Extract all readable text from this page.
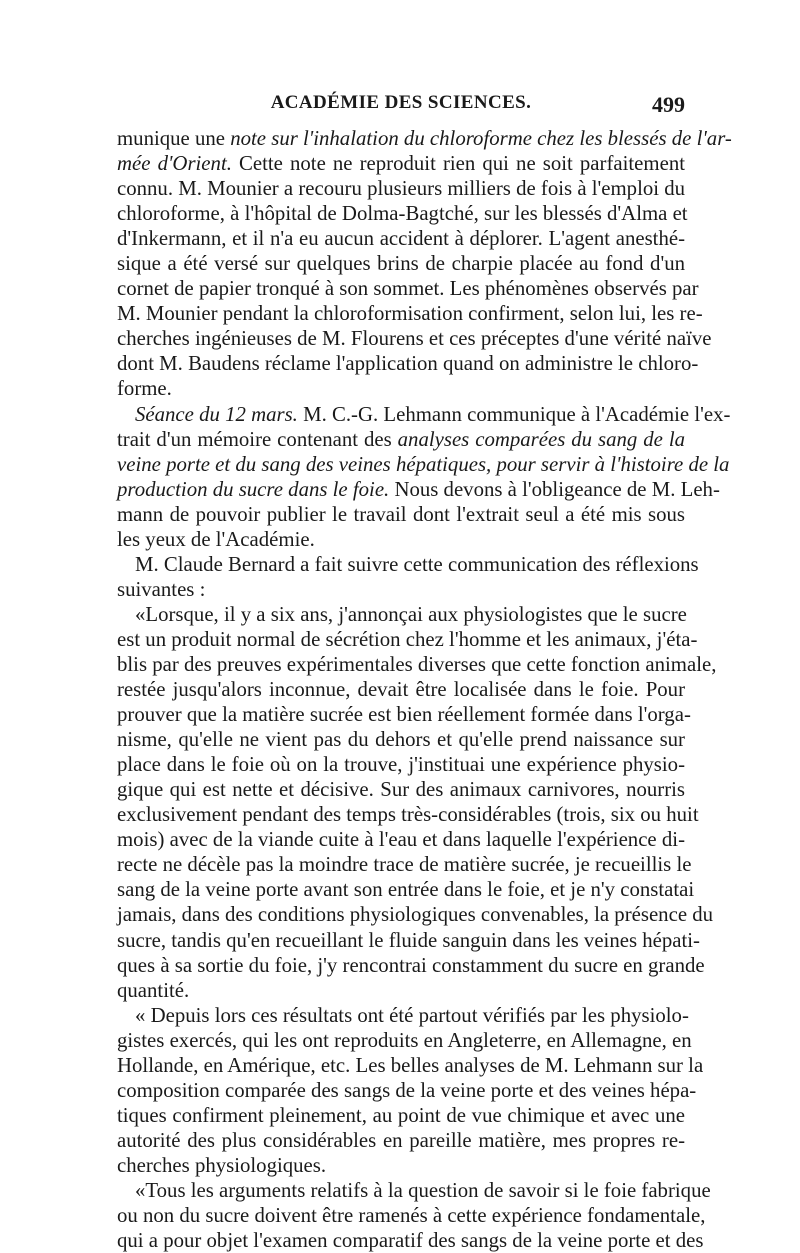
ACADÉMIE DES SCIENCES.	499
munique une note sur l'inhalation du chloroforme chez les blessés de l'ar-
mée d'Orient. Cette note ne reproduit rien qui ne soit parfaitement
connu. M. Mounier a recouru plusieurs milliers de fois à l'emploi du
chloroforme, à l'hôpital de Dolma-Bagtché, sur les blessés d'Alma et
d'Inkermann, et il n'a eu aucun accident à déplorer. L'agent anesthé-
sique a été versé sur quelques brins de charpie placée au fond d'un
cornet de papier tronqué à son sommet. Les phénomènes observés par
M. Mounier pendant la chloroformisation confirment, selon lui, les re-
cherches ingénieuses de M. Flourens et ces préceptes d'une vérité naïve
dont M. Baudens réclame l'application quand on administre le chloro-
forme.
Séance du 12 mars. M. C.-G. Lehmann communique à l'Académie l'ex-
trait d'un mémoire contenant des analyses comparées du sang de la
veine porte et du sang des veines hépatiques, pour servir à l'histoire de la
production du sucre dans le foie. Nous devons à l'obligeance de M. Leh-
mann de pouvoir publier le travail dont l'extrait seul a été mis sous
les yeux de l'Académie.
M. Claude Bernard a fait suivre cette communication des réflexions
suivantes :
«Lorsque, il y a six ans, j'annonçai aux physiologistes que le sucre
est un produit normal de sécrétion chez l'homme et les animaux, j'éta-
blis par des preuves expérimentales diverses que cette fonction animale,
restée jusqu'alors inconnue, devait être localisée dans le foie. Pour
prouver que la matière sucrée est bien réellement formée dans l'orga-
nisme, qu'elle ne vient pas du dehors et qu'elle prend naissance sur
place dans le foie où on la trouve, j'instituai une expérience physio-
gique qui est nette et décisive. Sur des animaux carnivores, nourris
exclusivement pendant des temps très-considérables (trois, six ou huit
mois) avec de la viande cuite à l'eau et dans laquelle l'expérience di-
recte ne décèle pas la moindre trace de matière sucrée, je recueillis le
sang de la veine porte avant son entrée dans le foie, et je n'y constatai
jamais, dans des conditions physiologiques convenables, la présence du
sucre, tandis qu'en recueillant le fluide sanguin dans les veines hépati-
ques à sa sortie du foie, j'y rencontrai constamment du sucre en grande
quantité.
« Depuis lors ces résultats ont été partout vérifiés par les physiolo-
gistes exercés, qui les ont reproduits en Angleterre, en Allemagne, en
Hollande, en Amérique, etc. Les belles analyses de M. Lehmann sur la
composition comparée des sangs de la veine porte et des veines hépa-
tiques confirment pleinement, au point de vue chimique et avec une
autorité des plus considérables en pareille matière, mes propres re-
cherches physiologiques.
«Tous les arguments relatifs à la question de savoir si le foie fabrique
ou non du sucre doivent être ramenés à cette expérience fondamentale,
qui a pour objet l'examen comparatif des sangs de la veine porte et des
